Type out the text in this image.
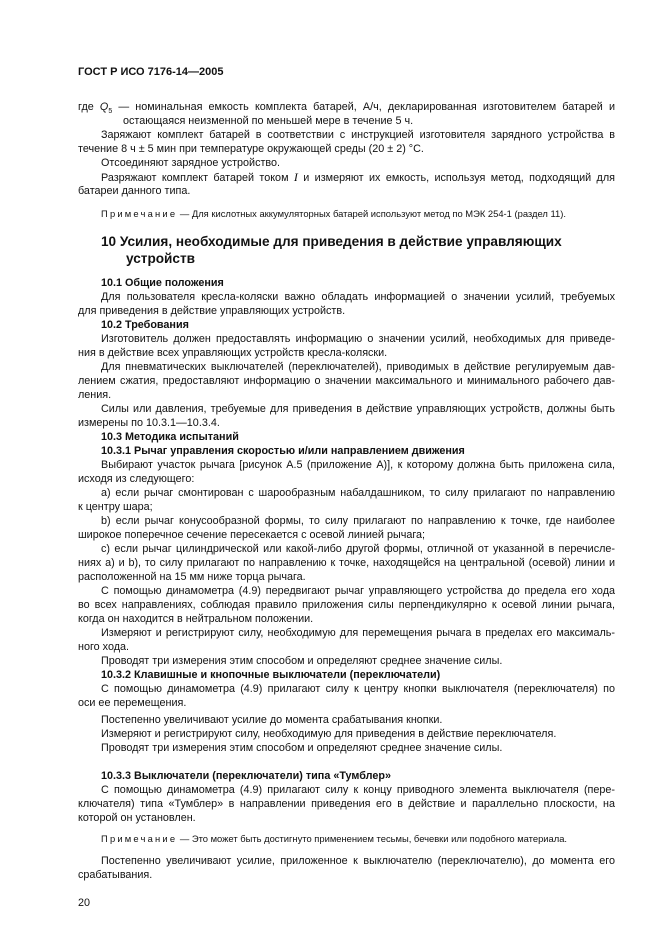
ГОСТ Р ИСО 7176-14—2005
где $Q_5$ — номинальная емкость комплекта батарей, А/ч, декларированная изготовителем батарей и
остающаяся неизменной по меньшей мере в течение 5 ч.
Заряжают комплект батарей в соответствии с инструкцией изготовителя зарядного устройства в
течение 8 ч ± 5 мин при температуре окружающей среды (20 ± 2) °С.
Отсоединяют зарядное устройство.
Разряжают комплект батарей током I и измеряют их емкость, используя метод, подходящий для
батареи данного типа.
Примечание — Для кислотных аккумуляторных батарей используют метод по МЭК 254-1 (раздел 11).
10 Усилия, необходимые для приведения в действие управляющих
устройств
10.1 Общие положения
Для пользователя кресла-коляски важно обладать информацией о значении усилий, требуемых
для приведения в действие управляющих устройств.
10.2 Требования
Изготовитель должен предоставлять информацию о значении усилий, необходимых для приведе-
ния в действие всех управляющих устройств кресла-коляски.
Для пневматических выключателей (переключателей), приводимых в действие регулируемым дав-
лением сжатия, предоставляют информацию о значении максимального и минимального рабочего дав-
ления.
Силы или давления, требуемые для приведения в действие управляющих устройств, должны быть
измерены по 10.3.1—10.3.4.
10.3 Методика испытаний
10.3.1 Рычаг управления скоростью и/или направлением движения
Выбирают участок рычага [рисунок А.5 (приложение А)], к которому должна быть приложена сила,
исходя из следующего:
a) если рычаг смонтирован с шарообразным набалдашником, то силу прилагают по направлению
к центру шара;
b) если рычаг конусообразной формы, то силу прилагают по направлению к точке, где наиболее
широкое поперечное сечение пересекается с осевой линией рычага;
c) если рычаг цилиндрической или какой-либо другой формы, отличной от указанной в перечисле-
ниях a) и b), то силу прилагают по направлению к точке, находящейся на центральной (осевой) линии и
расположенной на 15 мм ниже торца рычага.
С помощью динамометра (4.9) передвигают рычаг управляющего устройства до предела его хода
во всех направлениях, соблюдая правило приложения силы перпендикулярно к осевой линии рычага,
когда он находится в нейтральном положении.
Измеряют и регистрируют силу, необходимую для перемещения рычага в пределах его максималь-
ного хода.
Проводят три измерения этим способом и определяют среднее значение силы.
10.3.2 Клавишные и кнопочные выключатели (переключатели)
С помощью динамометра (4.9) прилагают силу к центру кнопки выключателя (переключателя) по
оси ее перемещения.
Постепенно увеличивают усилие до момента срабатывания кнопки.
Измеряют и регистрируют силу, необходимую для приведения в действие переключателя.
Проводят три измерения этим способом и определяют среднее значение силы.
10.3.3 Выключатели (переключатели) типа «Тумблер»
С помощью динамометра (4.9) прилагают силу к концу приводного элемента выключателя (пере-
ключателя) типа «Тумблер» в направлении приведения его в действие и параллельно плоскости, на
которой он установлен.
Примечание — Это может быть достигнуто применением тесьмы, бечевки или подобного материала.
Постепенно увеличивают усилие, приложенное к выключателю (переключателю), до момента его
срабатывания.
20
